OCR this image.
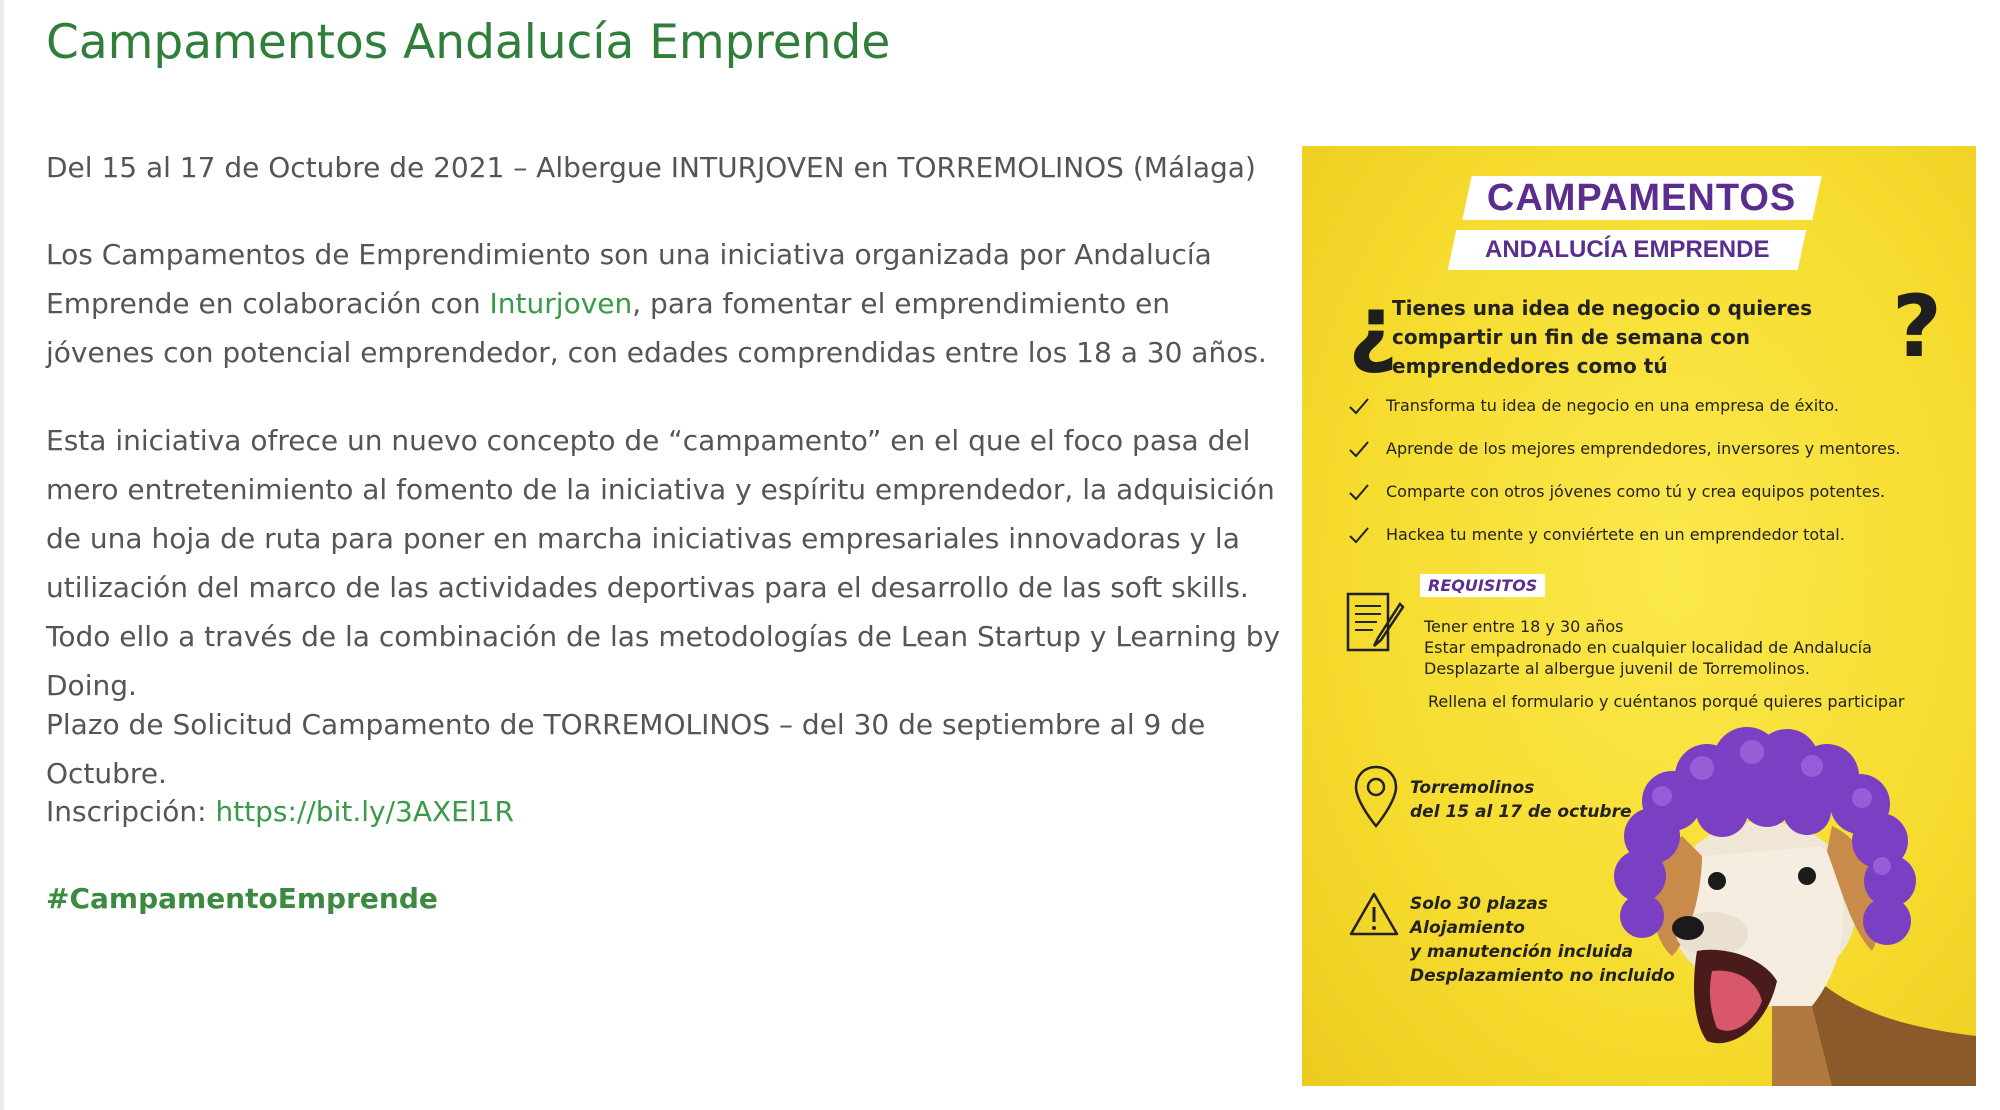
Campamentos Andalucía Emprende

Del 15 al 17 de Octubre de 2021 – Albergue INTURJOVEN en TORREMOLINOS (Málaga)

Los Campamentos de Emprendimiento son una iniciativa organizada por Andalucía Emprende en colaboración con Inturjoven, para fomentar el emprendimiento en jóvenes con potencial emprendedor, con edades comprendidas entre los 18 a 30 años.

Esta iniciativa ofrece un nuevo concepto de “campamento” en el que el foco pasa del mero entretenimiento al fomento de la iniciativa y espíritu emprendedor, la adquisición de una hoja de ruta para poner en marcha iniciativas empresariales innovadoras y la utilización del marco de las actividades deportivas para el desarrollo de las soft skills. Todo ello a través de la combinación de las metodologías de Lean Startup y Learning by Doing.

Plazo de Solicitud Campamento de TORREMOLINOS – del 30 de septiembre al 9 de Octubre.

Inscripción: https://bit.ly/3AXEl1R

#CampamentoEmprende

CAMPAMENTOS
ANDALUCÍA EMPRENDE
¿
Tienes una idea de negocio o quieres compartir un fin de semana con emprendedores como tú	?
Transforma tu idea de negocio en una empresa de éxito.
Aprende de los mejores emprendedores, inversores y mentores.
Comparte con otros jóvenes como tú y crea equipos potentes.
Hackea tu mente y conviértete en un emprendedor total.
REQUISITOS
Tener entre 18 y 30 años
Estar empadronado en cualquier localidad de Andalucía
Desplazarte al albergue juvenil de Torremolinos.
Rellena el formulario y cuéntanos porqué quieres participar
Torremolinos
del 15 al 17 de octubre
Solo 30 plazas
Alojamiento
y manutención incluida
Desplazamiento no incluido
